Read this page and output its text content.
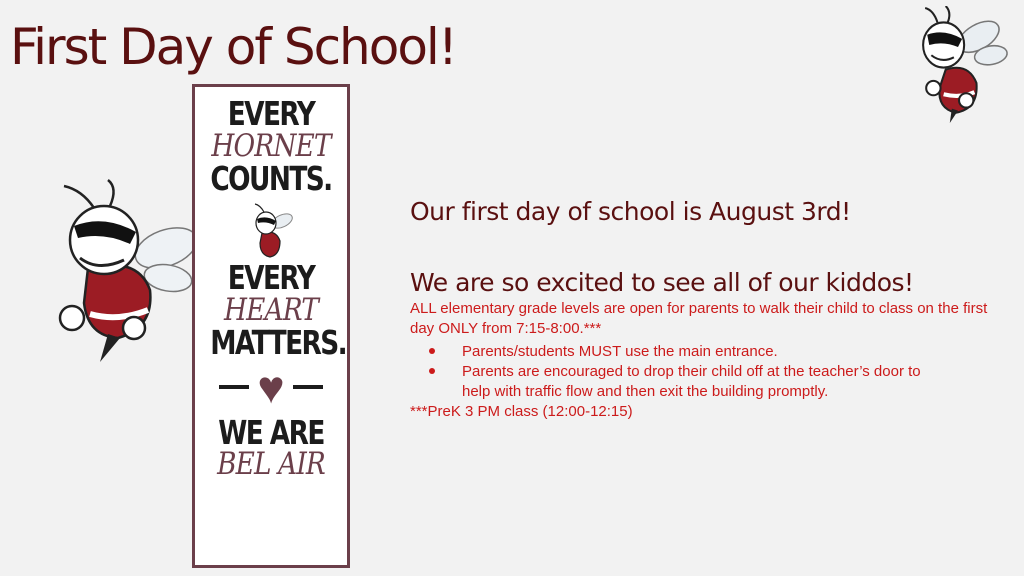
First Day of School!
EVERY
HORNET
COUNTS.
EVERY
HEART
MATTERS.
♥
WE ARE
BEL AIR

Our first day of school is August 3rd!

We are so excited to see all of our kiddos!

ALL elementary grade levels are open for parents to walk their child to class on the first day ONLY from 7:15-8:00.***

Parents/students MUST use the main entrance.
Parents are encouraged to drop their child off at the teacher’s door to help with traffic flow and then exit the building promptly.

***PreK 3 PM class (12:00-12:15)
